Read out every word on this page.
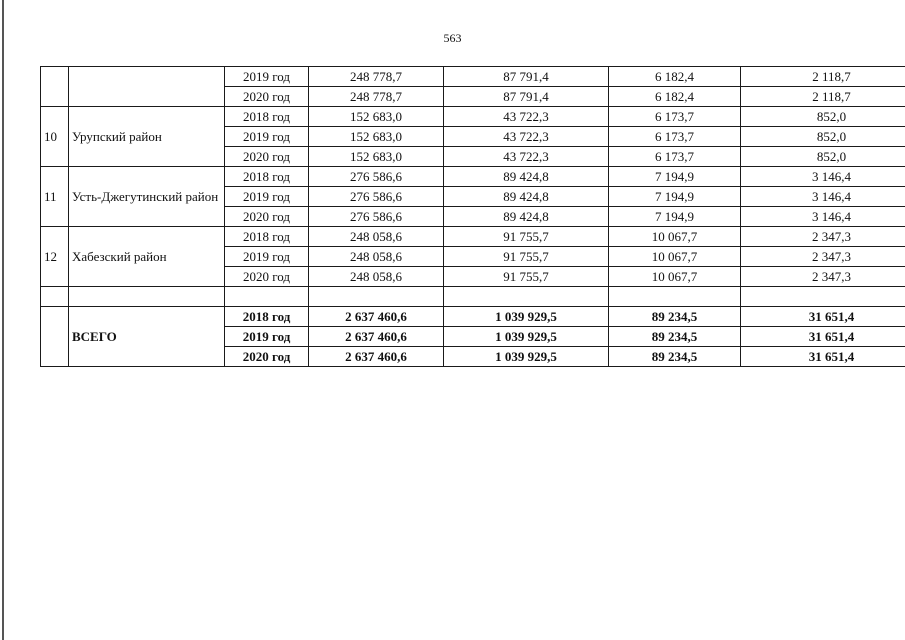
563
		2019 год	248 778,7	87 791,4	6 182,4	2 118,7
		2020 год	248 778,7	87 791,4	6 182,4	2 118,7
10	Урупский район	2018 год	152 683,0	43 722,3	6 173,7	852,0
		2019 год	152 683,0	43 722,3	6 173,7	852,0
		2020 год	152 683,0	43 722,3	6 173,7	852,0
11	Усть-Джегутинский район	2018 год	276 586,6	89 424,8	7 194,9	3 146,4
		2019 год	276 586,6	89 424,8	7 194,9	3 146,4
		2020 год	276 586,6	89 424,8	7 194,9	3 146,4
12	Хабезский район	2018 год	248 058,6	91 755,7	10 067,7	2 347,3
		2019 год	248 058,6	91 755,7	10 067,7	2 347,3
		2020 год	248 058,6	91 755,7	10 067,7	2 347,3

	ВСЕГО	2018 год	2 637 460,6	1 039 929,5	89 234,5	31 651,4
		2019 год	2 637 460,6	1 039 929,5	89 234,5	31 651,4
		2020 год	2 637 460,6	1 039 929,5	89 234,5	31 651,4
